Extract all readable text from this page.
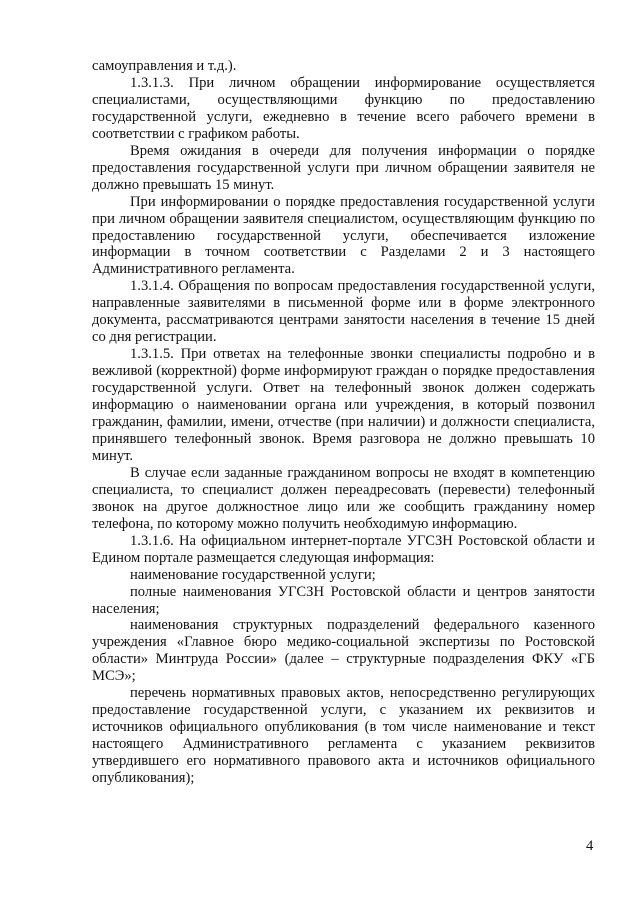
самоуправления и т.д.).

1.3.1.3. При личном обращении информирование осуществляется специалистами, осуществляющими функцию по предоставлению государственной услуги, ежедневно в течение всего рабочего времени в соответствии с графиком работы.

Время ожидания в очереди для получения информации о порядке предоставления государственной услуги при личном обращении заявителя не должно превышать 15 минут.

При информировании о порядке предоставления государственной услуги при личном обращении заявителя специалистом, осуществляющим функцию по предоставлению государственной услуги, обеспечивается изложение информации в точном соответствии с Разделами 2 и 3 настоящего Административного регламента.

1.3.1.4. Обращения по вопросам предоставления государственной услуги, направленные заявителями в письменной форме или в форме электронного документа, рассматриваются центрами занятости населения в течение 15 дней со дня регистрации.

1.3.1.5. При ответах на телефонные звонки специалисты подробно и в вежливой (корректной) форме информируют граждан о порядке предоставления государственной услуги. Ответ на телефонный звонок должен содержать информацию о наименовании органа или учреждения, в который позвонил гражданин, фамилии, имени, отчестве (при наличии) и должности специалиста, принявшего телефонный звонок. Время разговора не должно превышать 10 минут.

В случае если заданные гражданином вопросы не входят в компетенцию специалиста, то специалист должен переадресовать (перевести) телефонный звонок на другое должностное лицо или же сообщить гражданину номер телефона, по которому можно получить необходимую информацию.

1.3.1.6. На официальном интернет-портале УГСЗН Ростовской области и Едином портале размещается следующая информация:

наименование государственной услуги;

полные наименования УГСЗН Ростовской области и центров занятости населения;

наименования структурных подразделений федерального казенного учреждения «Главное бюро медико-социальной экспертизы по Ростовской области» Минтруда России» (далее – структурные подразделения ФКУ «ГБ МСЭ»;

перечень нормативных правовых актов, непосредственно регулирующих предоставление государственной услуги, с указанием их реквизитов и источников официального опубликования (в том числе наименование и текст настоящего Административного регламента с указанием реквизитов утвердившего его нормативного правового акта и источников официального опубликования);

4
